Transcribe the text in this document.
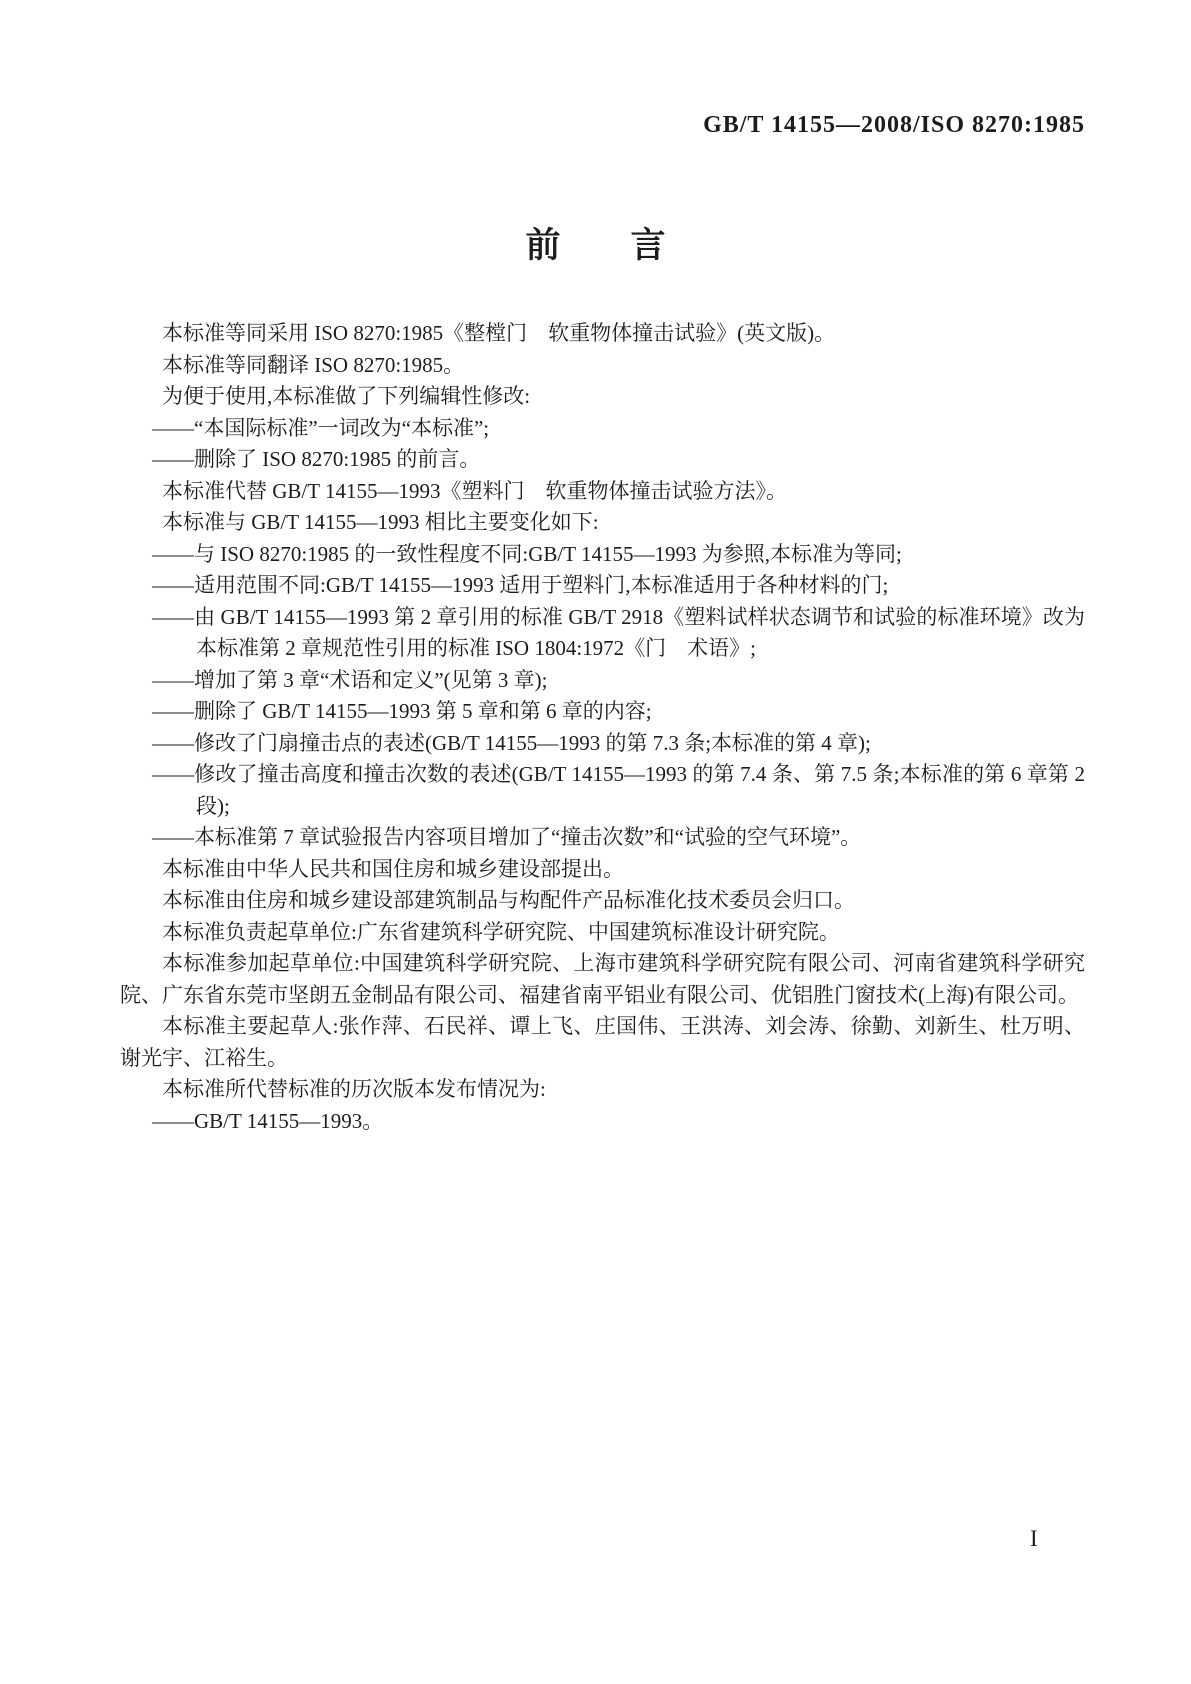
GB/T 14155—2008/ISO 8270:1985
前　　言

本标准等同采用 ISO 8270:1985《整樘门　软重物体撞击试验》(英文版)。

本标准等同翻译 ISO 8270:1985。

为便于使用,本标准做了下列编辑性修改:

——“本国际标准”一词改为“本标准”;

——删除了 ISO 8270:1985 的前言。

本标准代替 GB/T 14155—1993《塑料门　软重物体撞击试验方法》。

本标准与 GB/T 14155—1993 相比主要变化如下:

——与 ISO 8270:1985 的一致性程度不同:GB/T 14155—1993 为参照,本标准为等同;

——适用范围不同:GB/T 14155—1993 适用于塑料门,本标准适用于各种材料的门;

——由 GB/T 14155—1993 第 2 章引用的标准 GB/T 2918《塑料试样状态调节和试验的标准环境》改为本标准第 2 章规范性引用的标准 ISO 1804:1972《门　术语》;

——增加了第 3 章“术语和定义”(见第 3 章);

——删除了 GB/T 14155—1993 第 5 章和第 6 章的内容;

——修改了门扇撞击点的表述(GB/T 14155—1993 的第 7.3 条;本标准的第 4 章);

——修改了撞击高度和撞击次数的表述(GB/T 14155—1993 的第 7.4 条、第 7.5 条;本标准的第 6 章第 2 段);

——本标准第 7 章试验报告内容项目增加了“撞击次数”和“试验的空气环境”。

本标准由中华人民共和国住房和城乡建设部提出。

本标准由住房和城乡建设部建筑制品与构配件产品标准化技术委员会归口。

本标准负责起草单位:广东省建筑科学研究院、中国建筑标准设计研究院。

本标准参加起草单位:中国建筑科学研究院、上海市建筑科学研究院有限公司、河南省建筑科学研究院、广东省东莞市坚朗五金制品有限公司、福建省南平铝业有限公司、优铝胜门窗技术(上海)有限公司。

本标准主要起草人:张作萍、石民祥、谭上飞、庄国伟、王洪涛、刘会涛、徐勤、刘新生、杜万明、谢光宇、江裕生。

本标准所代替标准的历次版本发布情况为:

——GB/T 14155—1993。

I
